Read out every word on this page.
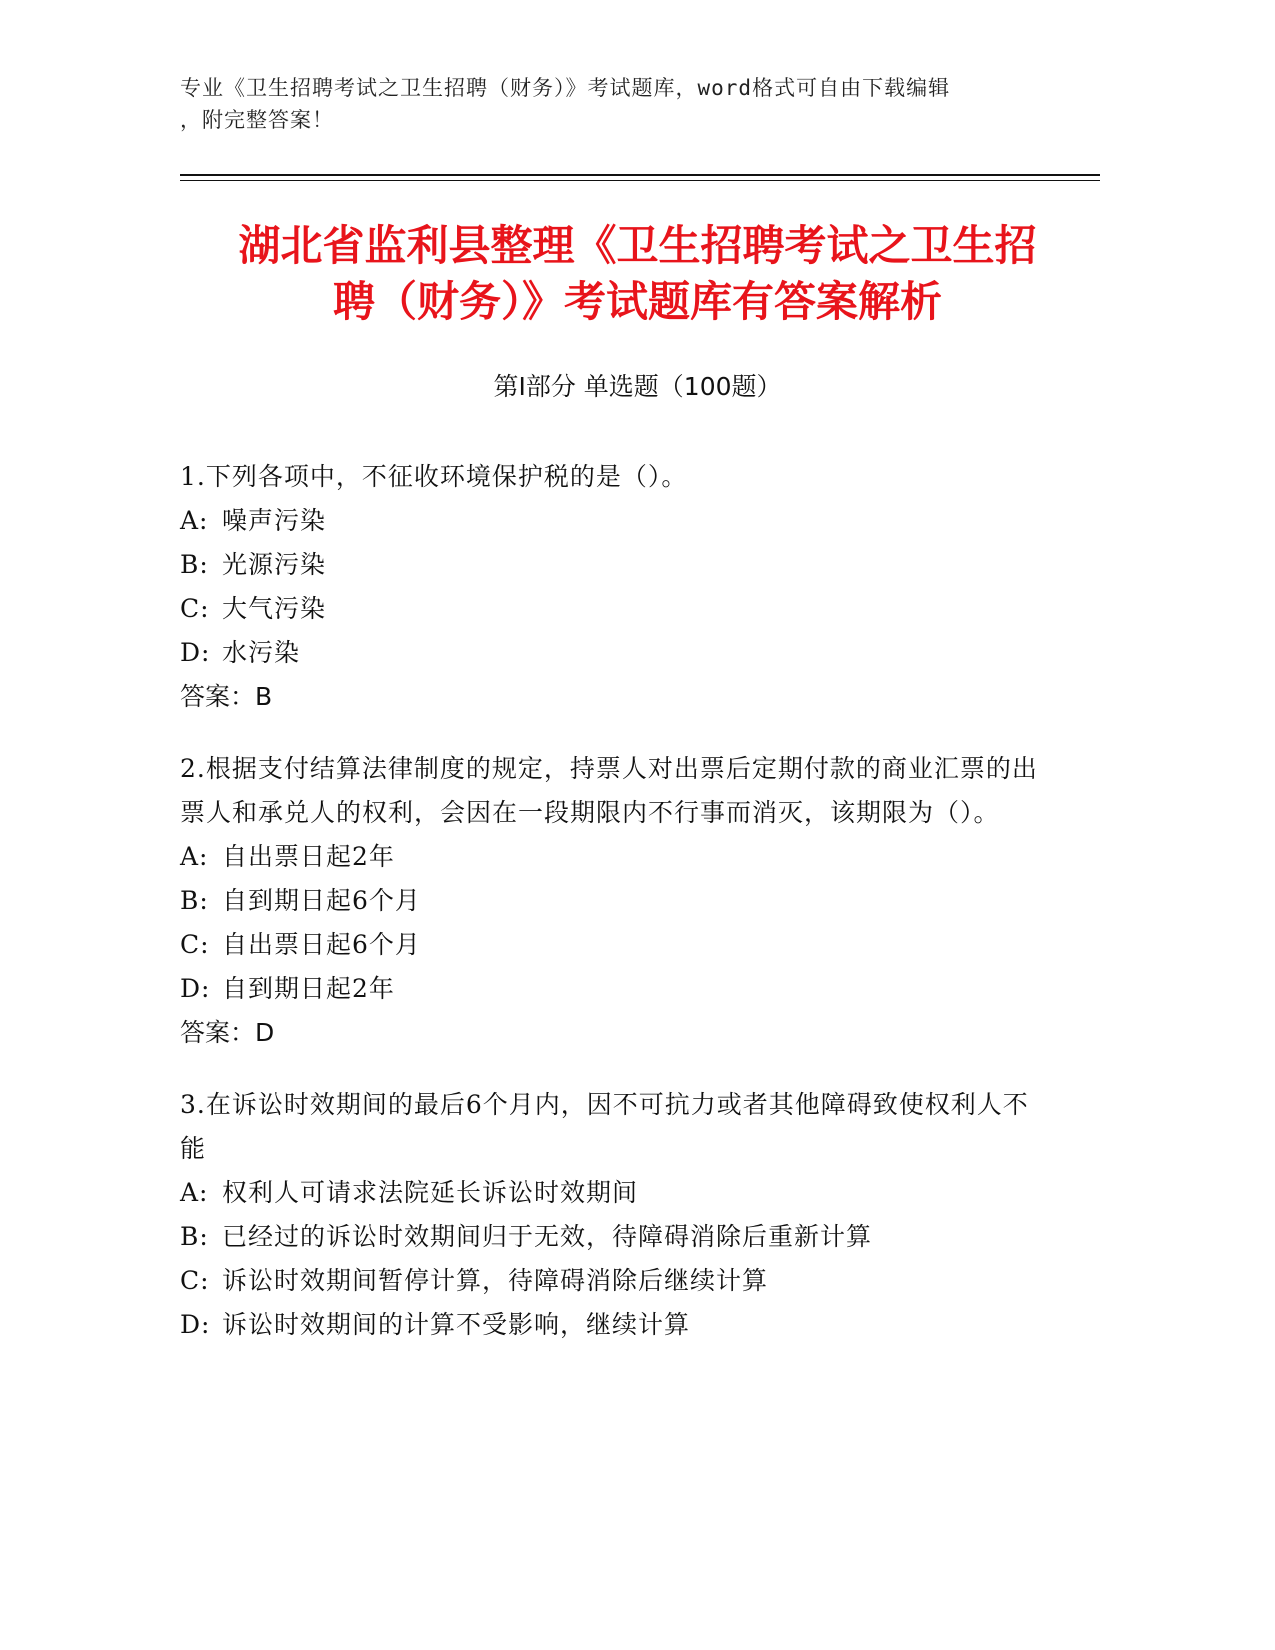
专业《卫生招聘考试之卫生招聘（财务）》考试题库，word格式可自由下载编辑
，附完整答案！
湖北省监利县整理《卫生招聘考试之卫生招
聘（财务）》考试题库有答案解析
第Ⅰ部分 单选题（100题）
1.下列各项中，不征收环境保护税的是（）。
A: 噪声污染
B: 光源污染
C: 大气污染
D: 水污染
答案：B
2.根据支付结算法律制度的规定，持票人对出票后定期付款的商业汇票的出票人和承兑人的权利，会因在一段期限内不行事而消灭，该期限为（）。
A: 自出票日起2年
B: 自到期日起6个月
C: 自出票日起6个月
D: 自到期日起2年
答案：D
3.在诉讼时效期间的最后6个月内，因不可抗力或者其他障碍致使权利人不能
A: 权利人可请求法院延长诉讼时效期间
B: 已经过的诉讼时效期间归于无效，待障碍消除后重新计算
C: 诉讼时效期间暂停计算，待障碍消除后继续计算
D: 诉讼时效期间的计算不受影响，继续计算
